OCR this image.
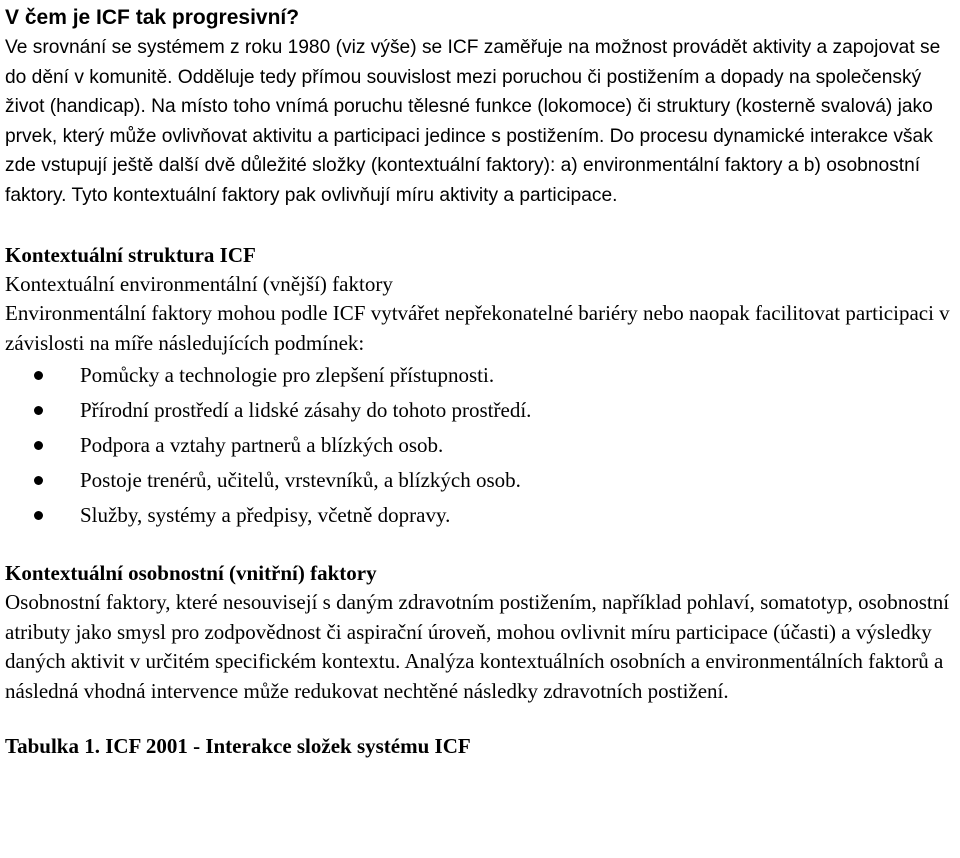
V čem je ICF tak progresivní?

Ve srovnání se systémem z roku 1980 (viz výše) se ICF zaměřuje na možnost provádět aktivity a zapojovat se do dění v komunitě. Odděluje tedy přímou souvislost mezi poruchou či postižením a dopady na společenský život (handicap). Na místo toho vnímá poruchu tělesné funkce (lokomoce) či struktury (kosterně svalová) jako prvek, který může ovlivňovat aktivitu a participaci jedince s postižením. Do procesu dynamické interakce však zde vstupují ještě další dvě důležité složky (kontextuální faktory): a) environmentální faktory a b) osobnostní faktory. Tyto kontextuální faktory pak ovlivňují míru aktivity a participace.

Kontextuální struktura ICF
Kontextuální environmentální (vnější) faktory

Environmentální faktory mohou podle ICF vytvářet nepřekonatelné bariéry nebo naopak facilitovat participaci v závislosti na míře následujících podmínek:

Pomůcky a technologie pro zlepšení přístupnosti.
Přírodní prostředí a lidské zásahy do tohoto prostředí.
Podpora a vztahy partnerů a blízkých osob.
Postoje trenérů, učitelů, vrstevníků, a blízkých osob.
Služby, systémy a předpisy, včetně dopravy.
Kontextuální osobnostní (vnitřní) faktory

Osobnostní faktory, které nesouvisejí s daným zdravotním postižením, například pohlaví, somatotyp, osobnostní atributy jako smysl pro zodpovědnost či aspirační úroveň, mohou ovlivnit míru participace (účasti) a výsledky daných aktivit v určitém specifickém kontextu. Analýza kontextuálních osobních a environmentálních faktorů a následná vhodná intervence může redukovat nechtěné následky zdravotních postižení.

Tabulka 1. ICF 2001 - Interakce složek systému ICF
